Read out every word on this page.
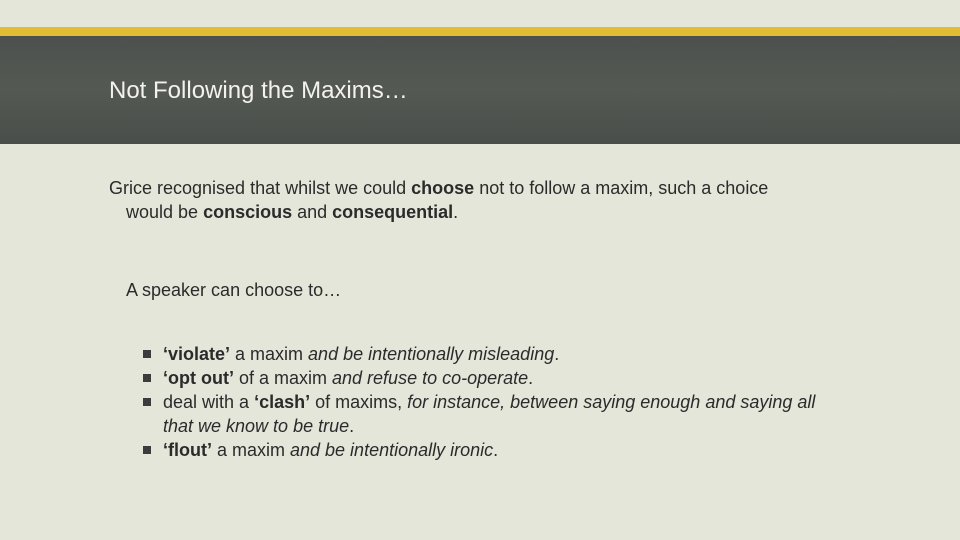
Not Following the Maxims…
Grice recognised that whilst we could choose not to follow a maxim, such a choice
would be conscious and consequential.
A speaker can choose to…
‘violate’ a maxim and be intentionally misleading.
‘opt out’ of a maxim and refuse to co-operate.
deal with a ‘clash’ of maxims, for instance, between saying enough and saying all that we know to be true.
‘flout’ a maxim and be intentionally ironic.
